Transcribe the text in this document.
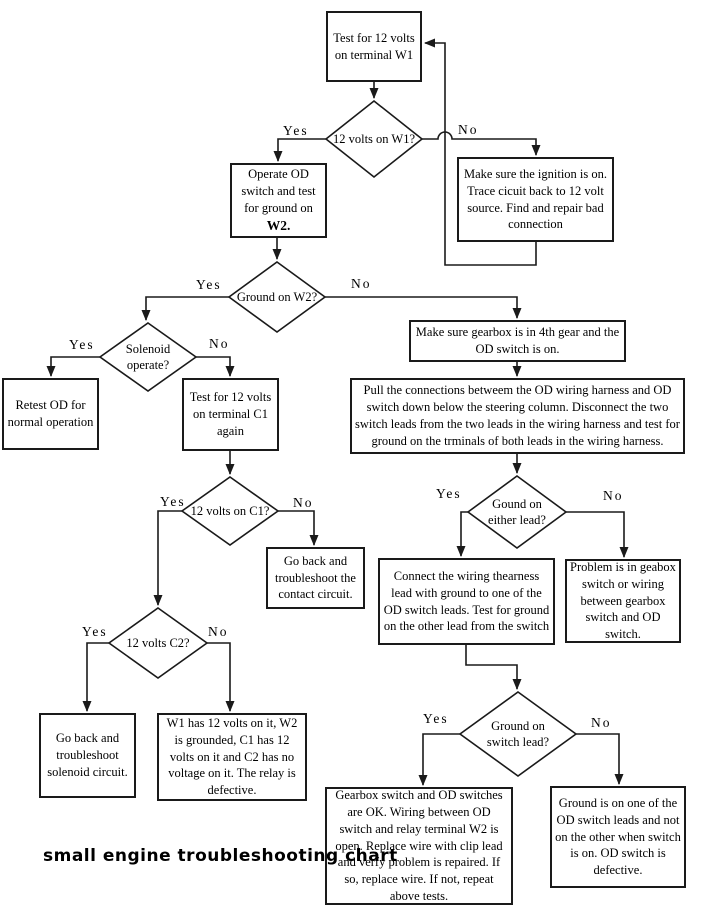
Test for 12 volts on terminal W1
Operate OD switch and test for ground on W2.
Make sure the ignition is on. Trace cicuit back to 12 volt source. Find and repair bad connection
Make sure gearbox is in 4th gear and the OD switch is on.
Pull the connections betweem the OD wiring harness and OD switch down below the steering column. Disconnect the two switch leads from the two leads in the wiring harness and test for ground on the trminals of both leads in the wiring harness.
Retest OD for normal operation
Test for 12 volts on terminal C1 again
Go back and troubleshoot the contact circuit.
Connect the wiring thearness lead with ground to one of the OD switch leads. Test for ground on the other lead from the switch
Problem is in geabox switch or wiring between gearbox switch and OD switch.
Go back and troubleshoot solenoid circuit.
W1 has 12 volts on it, W2 is grounded, C1 has 12 volts on it and C2 has no voltage on it. The relay is defective.	Gearbox switch and OD switches are OK. Wiring between OD switch and relay terminal W2 is open. Replace wire with clip lead and verfy problem is repaired. If so, replace wire. If not, repeat above tests.
Ground is on one of the OD switch leads and not on the other when switch is on. OD switch is defective.
12 volts on W1?
Ground on W2?
Solenoid operate?
12 volts on C1?
Gound on either lead?
12 volts C2?
Ground on switch lead?
Yes	No
Yes	No
Yes	No
Yes	No
Yes	No
Yes	No
Yes	No
small engine troubleshooting chart
